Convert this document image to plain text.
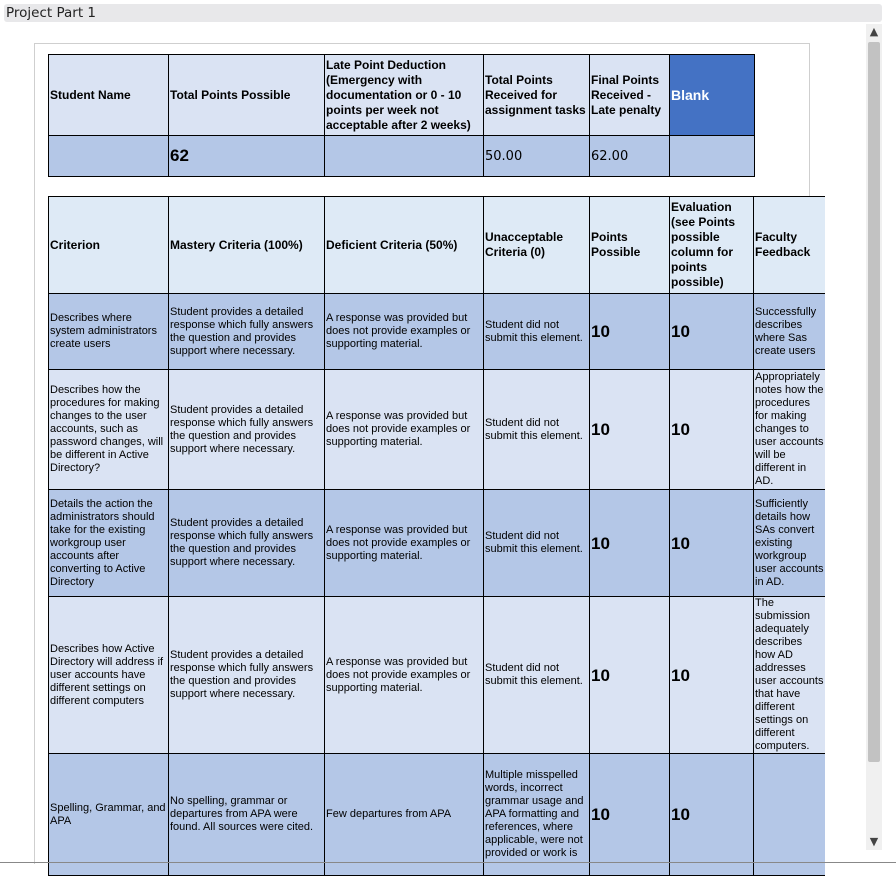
Project Part 1
Student Name	Total Points Possible	Late Point Deduction (Emergency with documentation or 0 - 10 points per week not acceptable after 2 weeks)	Total Points Received for assignment tasks	Final Points Received - Late penalty	Blank
	62		50.00	62.00	
Criterion	Mastery Criteria (100%)	Deficient Criteria (50%)	Unacceptable Criteria (0)	Points Possible	Evaluation (see Points possible column for points possible)	Faculty Feedback
Describes where system administrators create users	Student provides a detailed response which fully answers the question and provides support where necessary.	A response was provided but does not provide examples or supporting material.	Student did not submit this element.	10	10	Successfully describes where Sas create users
Describes how the procedures for making changes to the user accounts, such as password changes, will be different in Active Directory?	Student provides a detailed response which fully answers the question and provides support where necessary.	A response was provided but does not provide examples or supporting material.	Student did not submit this element.	10	10	Appropriately notes how the procedures for making changes to user accounts will be different in AD.
Details the action the administrators should take for the existing workgroup user accounts after converting to Active Directory	Student provides a detailed response which fully answers the question and provides support where necessary.	A response was provided but does not provide examples or supporting material.	Student did not submit this element.	10	10	Sufficiently details how SAs convert existing workgroup user accounts in AD.
Describes how Active Directory will address if user accounts have different settings on different computers	Student provides a detailed response which fully answers the question and provides support where necessary.	A response was provided but does not provide examples or supporting material.	Student did not submit this element.	10	10	The submission adequately describes how AD addresses user accounts that have different settings on different computers.
Spelling, Grammar, and APA	No spelling, grammar or departures from APA were found. All sources were cited.	Few departures from APA	Multiple misspelled words, incorrect grammar usage and APA formatting and references, where applicable, were not provided or work is	10	10	
▲
▼
